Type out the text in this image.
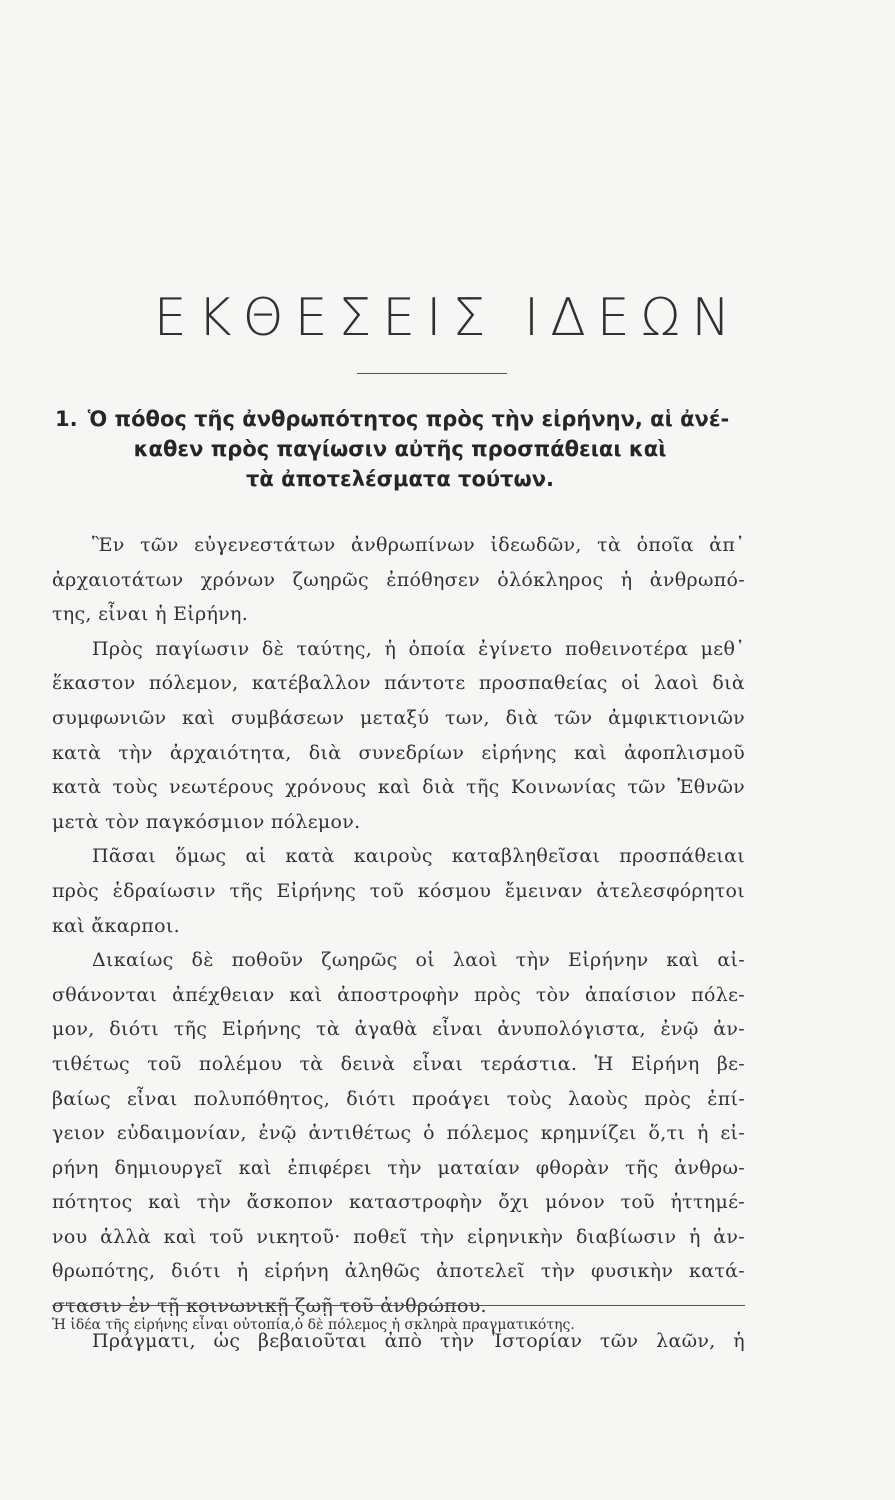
ΕΚΘΕΣΕΙΣ ΙΔΕΩΝ
1. Ὁ πόθος τῆς ἀνθρωπότητος πρὸς τὴν εἰρήνην, αἱ ἀνέ-
καθεν πρὸς παγίωσιν αὐτῆς προσπάθειαι καὶ
τὰ ἀποτελέσματα τούτων.
Ἓν τῶν εὐγενεστάτων ἀνθρωπίνων ἰδεωδῶν, τὰ ὁποῖα ἀπ᾿
ἀρχαιοτάτων χρόνων ζωηρῶς ἐπόθησεν ὁλόκληρος ἡ ἀνθρωπό-
της, εἶναι ἡ Εἰρήνη.
Πρὸς παγίωσιν δὲ ταύτης, ἡ ὁποία ἐγίνετο ποθεινοτέρα μεθ᾿
ἕκαστον πόλεμον, κατέβαλλον πάντοτε προσπαθείας οἱ λαοὶ διὰ
συμφωνιῶν καὶ συμβάσεων μεταξύ των, διὰ τῶν ἀμφικτιονιῶν
κατὰ τὴν ἀρχαιότητα, διὰ συνεδρίων εἰρήνης καὶ ἀφοπλισμοῦ
κατὰ τοὺς νεωτέρους χρόνους καὶ διὰ τῆς Κοινωνίας τῶν Ἐθνῶν
μετὰ τὸν παγκόσμιον πόλεμον.
Πᾶσαι ὅμως αἱ κατὰ καιροὺς καταβληθεῖσαι προσπάθειαι
πρὸς ἑδραίωσιν τῆς Εἰρήνης τοῦ κόσμου ἔμειναν ἀτελεσφόρητοι
καὶ ἄκαρποι.
Δικαίως δὲ ποθοῦν ζωηρῶς οἱ λαοὶ τὴν Εἰρήνην καὶ αἰ-
σθάνονται ἀπέχθειαν καὶ ἀποστροφὴν πρὸς τὸν ἀπαίσιον πόλε-
μον, διότι τῆς Εἰρήνης τὰ ἀγαθὰ εἶναι ἀνυπολόγιστα, ἐνῷ ἀν-
τιθέτως τοῦ πολέμου τὰ δεινὰ εἶναι τεράστια. Ἡ Εἰρήνη βε-
βαίως εἶναι πολυπόθητος, διότι προάγει τοὺς λαοὺς πρὸς ἐπί-
γειον εὐδαιμονίαν, ἐνῷ ἀντιθέτως ὁ πόλεμος κρημνίζει ὅ,τι ἡ εἰ-
ρήνη δημιουργεῖ καὶ ἐπιφέρει τὴν ματαίαν φθορὰν τῆς ἀνθρω-
πότητος καὶ τὴν ἄσκοπον καταστροφὴν ὄχι μόνον τοῦ ἡττημέ-
νου ἀλλὰ καὶ τοῦ νικητοῦ· ποθεῖ τὴν εἰρηνικὴν διαβίωσιν ἡ ἀν-
θρωπότης, διότι ἡ εἰρήνη ἀληθῶς ἀποτελεῖ τὴν φυσικὴν κατά-
στασιν ἐν τῇ κοινωνικῇ ζωῇ τοῦ ἀνθρώπου.
Πράγματι, ὡς βεβαιοῦται ἀπὸ τὴν Ἱστορίαν τῶν λαῶν, ἡ
Ἡ ἰδέα τῆς εἰρήνης εἶναι οὐτοπία,ὁ δὲ πόλεμος ἡ σκληρὰ πραγματικότης.
